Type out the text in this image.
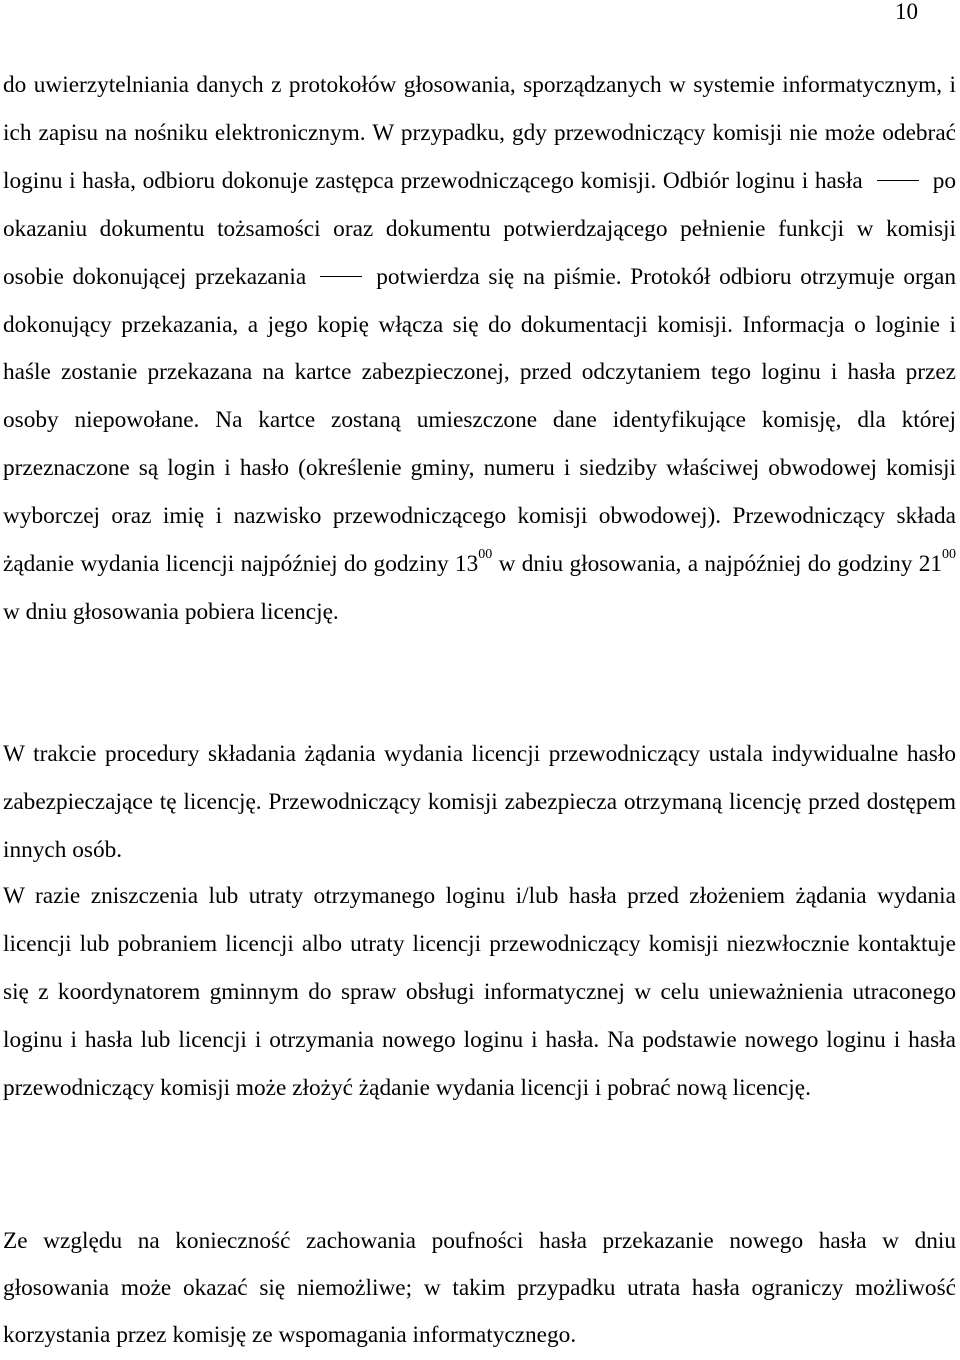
10
do uwierzytelniania danych z protokołów głosowania, sporządzanych w systemie informatycznym, i ich zapisu na nośniku elektronicznym. W przypadku, gdy przewodniczący komisji nie może odebrać loginu i hasła, odbioru dokonuje zastępca przewodniczącego komisji. Odbiór loginu i hasła	po okazaniu dokumentu tożsamości oraz dokumentu potwierdzającego pełnienie funkcji w komisji osobie dokonującej przekazania	potwierdza się na piśmie. Protokół odbioru otrzymuje organ dokonujący przekazania, a jego kopię włącza się do dokumentacji komisji. Informacja o loginie i haśle zostanie przekazana na kartce zabezpieczonej, przed odczytaniem tego loginu i hasła przez osoby niepowołane. Na kartce zostaną umieszczone dane identyfikujące komisję, dla której przeznaczone są login i hasło (określenie gminy, numeru i siedziby właściwej obwodowej komisji wyborczej oraz imię i nazwisko przewodniczącego komisji obwodowej). Przewodniczący składa żądanie wydania licencji najpóźniej do godziny $13^{00}$ w dniu głosowania, a najpóźniej do godziny $21^{00}$ w dniu głosowania pobiera licencję.
W trakcie procedury składania żądania wydania licencji przewodniczący ustala indywidualne hasło zabezpieczające tę licencję. Przewodniczący komisji zabezpiecza otrzymaną licencję przed dostępem innych osób.
W razie zniszczenia lub utraty otrzymanego loginu i/lub hasła przed złożeniem żądania wydania licencji lub pobraniem licencji albo utraty licencji przewodniczący komisji niezwłocznie kontaktuje się z koordynatorem gminnym do spraw obsługi informatycznej w celu unieważnienia utraconego loginu i hasła lub licencji i otrzymania nowego loginu i hasła. Na podstawie nowego loginu i hasła przewodniczący komisji może złożyć żądanie wydania licencji i pobrać nową licencję.
Ze względu na konieczność zachowania poufności hasła przekazanie nowego hasła w dniu głosowania może okazać się niemożliwe; w takim przypadku utrata hasła ograniczy możliwość korzystania przez komisję ze wspomagania informatycznego.
